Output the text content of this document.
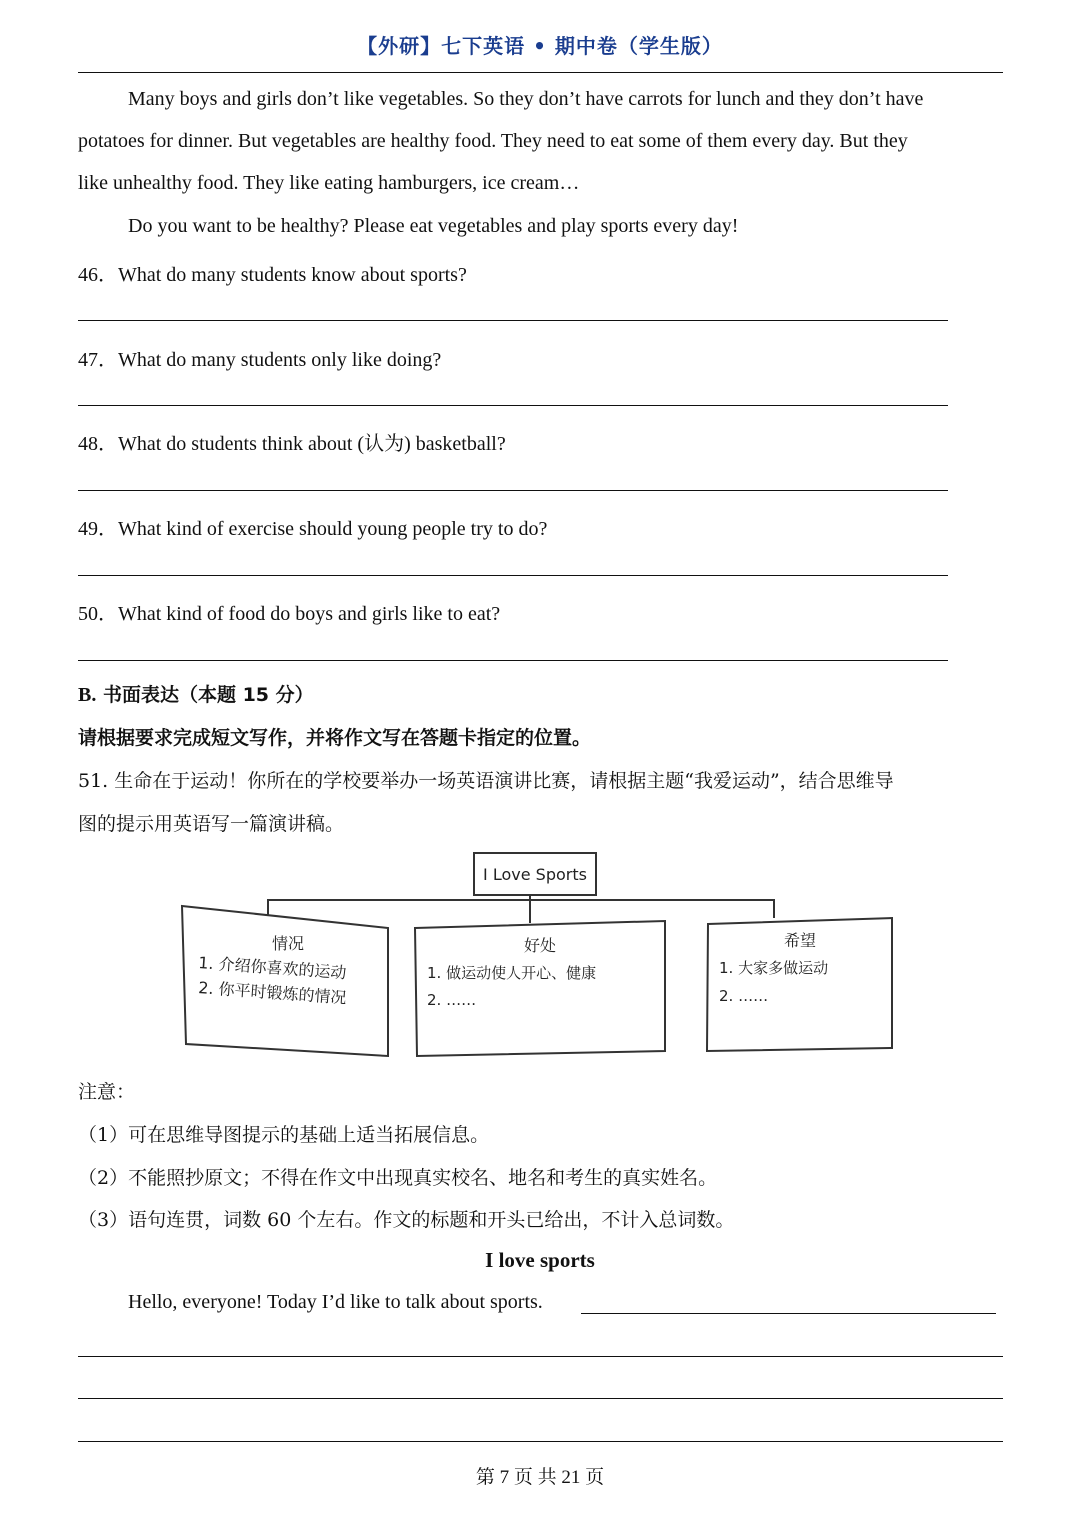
【外研】七下英语 • 期中卷（学生版）
Many boys and girls don’t like vegetables. So they don’t have carrots for lunch and they don’t have
potatoes for dinner. But vegetables are healthy food. They need to eat some of them every day. But they
like unhealthy food. They like eating hamburgers, ice cream…
Do you want to be healthy? Please eat vegetables and play sports every day!
46．What do many students know about sports?
47．What do many students only like doing?
48．What do students think about (认为) basketball?
49．What kind of exercise should young people try to do?
50．What kind of food do boys and girls like to eat?
B. 书面表达（本题 15 分）
请根据要求完成短文写作，并将作文写在答题卡指定的位置。
51. 生命在于运动！你所在的学校要举办一场英语演讲比赛，请根据主题“我爱运动”，结合思维导
图的提示用英语写一篇演讲稿。
I Love Sports
情况
1. 介绍你喜欢的运动
2. 你平时锻炼的情况
好处
1. 做运动使人开心、健康
2. ……
希望
1. 大家多做运动
2. ……
注意：
（1）可在思维导图提示的基础上适当拓展信息。
（2）不能照抄原文；不得在作文中出现真实校名、地名和考生的真实姓名。
（3）语句连贯，词数 60 个左右。作文的标题和开头已给出，不计入总词数。
I love sports
Hello, everyone! Today I’d like to talk about sports.
第 7 页 共 21 页
